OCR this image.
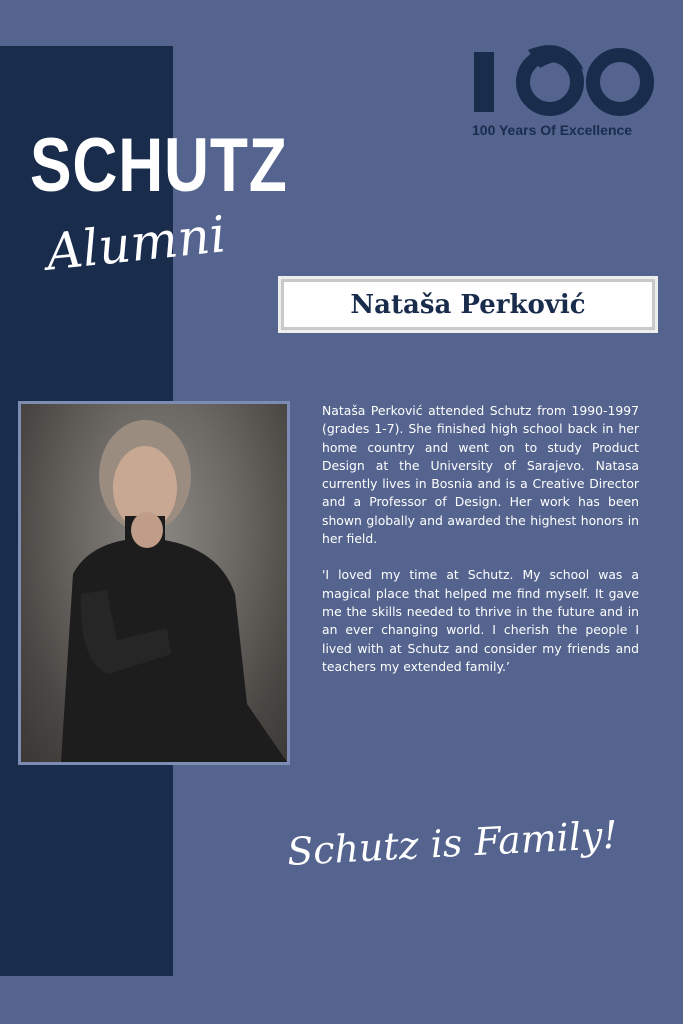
SCHUTZ
Alumni
100 Years Of Excellence
Nataša Perković

Nataša Perković attended Schutz from 1990-1997 (grades 1-7). She finished high school back in her home country and went on to study Product Design at the University of Sarajevo. Natasa currently lives in Bosnia and is a Creative Director and a Professor of Design. Her work has been shown globally and awarded the highest honors in her field.

'I loved my time at Schutz. My school was a magical place that helped me find myself. It gave me the skills needed to thrive in the future and in an ever changing world. I cherish the people I lived with at Schutz and consider my friends and teachers my extended family.’

Schutz is Family!
